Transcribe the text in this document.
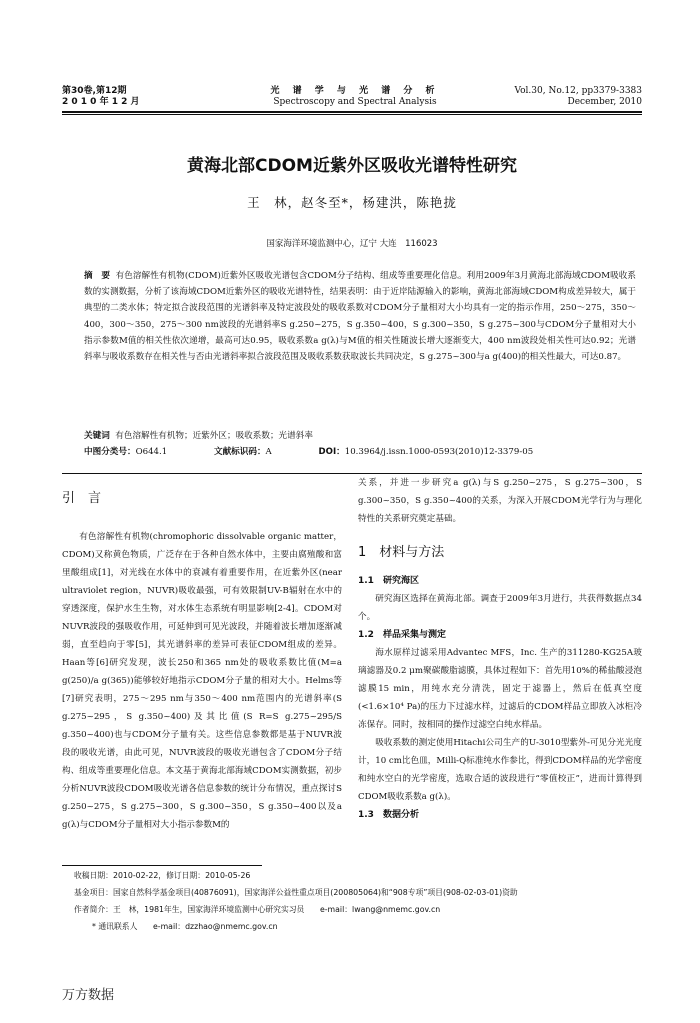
第30卷,第12期
2 0 1 0 年 1 2 月
光 谱 学 与 光 谱 分 析
Spectroscopy and Spectral Analysis
Vol.30, No.12, pp3379-3383
December, 2010
黄海北部CDOM近紫外区吸收光谱特性研究
王　林，赵冬至*，杨建洪，陈艳拢
国家海洋环境监测中心，辽宁 大连　116023
摘　要 有色溶解性有机物(CDOM)近紫外区吸收光谱包含CDOM分子结构、组成等重要理化信息。利用2009年3月黄海北部海域CDOM吸收系数的实测数据，分析了该海域CDOM近紫外区的吸收光谱特性，结果表明：由于近岸陆源输入的影响，黄海北部海域CDOM构成差异较大，属于典型的二类水体；特定拟合波段范围的光谱斜率及特定波段处的吸收系数对CDOM分子量相对大小均具有一定的指示作用，250～275，350～400，300～350，275～300 nm波段的光谱斜率S g.250~275，S g.350~400，S g.300~350，S g.275~300与CDOM分子量相对大小指示参数M值的相关性依次递增，最高可达0.95，吸收系数a g(λ)与M值的相关性随波长增大逐渐变大，400 nm波段处相关性可达0.92；光谱斜率与吸收系数存在相关性与否由光谱斜率拟合波段范围及吸收系数获取波长共同决定，S g.275~300与a g(400)的相关性最大，可达0.87。
关键词 有色溶解性有机物；近紫外区；吸收系数；光谱斜率
中图分类号：O644.1	文献标识码：A	DOI：10.3964/j.issn.1000-0593(2010)12-3379-05
引　言

有色溶解性有机物(chromophoric dissolvable organic matter，CDOM)又称黄色物质，广泛存在于各种自然水体中，主要由腐殖酸和富里酸组成[1]，对光线在水体中的衰减有着重要作用，在近紫外区(near ultraviolet region，NUVR)吸收最强，可有效限制UV-B辐射在水中的穿透深度，保护水生生物，对水体生态系统有明显影响[2-4]。CDOM对NUVR波段的强吸收作用，可延伸到可见光波段，并随着波长增加逐渐减弱，直至趋向于零[5]，其光谱斜率的差异可表征CDOM组成的差异。Haan等[6]研究发现，波长250和365 nm处的吸收系数比值(M=a g(250)/a g(365))能够较好地指示CDOM分子量的相对大小。Helms等[7]研究表明，275～295 nm与350～400 nm范围内的光谱斜率(S g.275~295，S g.350~400)及其比值(S R=S g.275~295/S g.350~400)也与CDOM分子量有关。这些信息参数都是基于NUVR波段的吸收光谱，由此可见，NUVR波段的吸收光谱包含了CDOM分子结构、组成等重要理化信息。本文基于黄海北部海域CDOM实测数据，初步分析NUVR波段CDOM吸收光谱各信息参数的统计分布情况，重点探讨S g.250~275，S g.275~300，S g.300~350，S g.350~400以及a g(λ)与CDOM分子量相对大小指示参数M的

关系，并进一步研究a g(λ)与S g.250~275，S g.275~300，S g.300~350，S g.350~400的关系，为深入开展CDOM光学行为与理化特性的关系研究奠定基础。

1　材料与方法
1.1　研究海区

研究海区选择在黄海北部。调查于2009年3月进行，共获得数据点34个。

1.2　样品采集与测定

海水原样过滤采用Advantec MFS，Inc. 生产的311280-KG25A玻璃滤器及0.2 μm聚碳酸脂滤膜，具体过程如下：首先用10%的稀盐酸浸泡滤膜15 min，用纯水充分清洗，固定于滤器上，然后在低真空度(<1.6×10⁴ Pa)的压力下过滤水样，过滤后的CDOM样品立即放入冰柜冷冻保存。同时，按相同的操作过滤空白纯水样品。

吸收系数的测定使用Hitachi公司生产的U-3010型紫外-可见分光光度计，10 cm比色皿，Milli-Q标准纯水作参比，得到CDOM样品的光学密度和纯水空白的光学密度，选取合适的波段进行“零值校正”，进而计算得到CDOM吸收系数a g(λ)。

1.3　数据分析
收稿日期：2010-02-22，修订日期：2010-05-26
基金项目：国家自然科学基金项目(40876091)，国家海洋公益性重点项目(200805064)和“908专项”项目(908-02-03-01)资助
作者简介：王　林，1981年生，国家海洋环境监测中心研究实习员　　e-mail：lwang@nmemc.gov.cn
* 通讯联系人　　e-mail：dzzhao@nmemc.gov.cn
万方数据
